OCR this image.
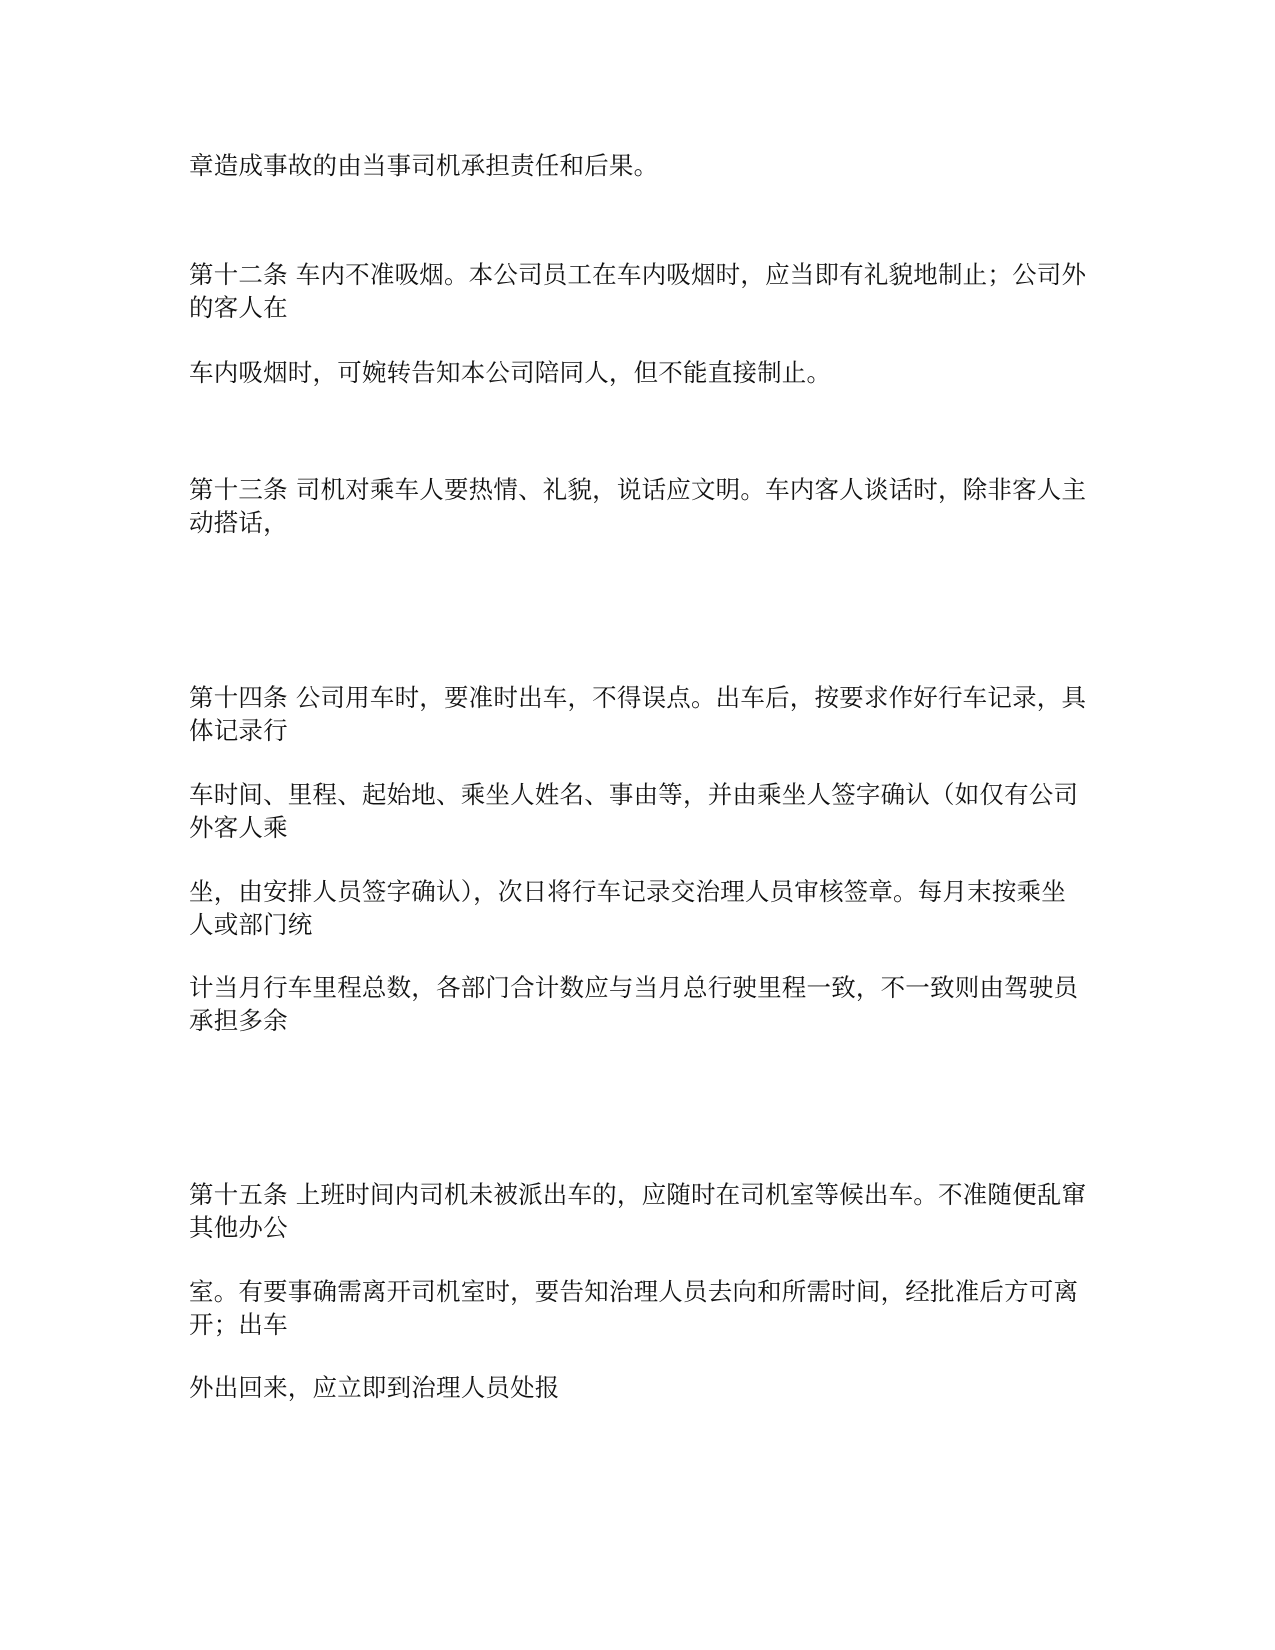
章造成事故的由当事司机承担责任和后果。
第十二条 车内不准吸烟。本公司员工在车内吸烟时，应当即有礼貌地制止；公司外
的客人在
车内吸烟时，可婉转告知本公司陪同人，但不能直接制止。
第十三条 司机对乘车人要热情、礼貌，说话应文明。车内客人谈话时，除非客人主
动搭话，
第十四条 公司用车时，要准时出车，不得误点。出车后，按要求作好行车记录，具
体记录行
车时间、里程、起始地、乘坐人姓名、事由等，并由乘坐人签字确认（如仅有公司
外客人乘
坐，由安排人员签字确认），次日将行车记录交治理人员审核签章。每月末按乘坐
人或部门统
计当月行车里程总数，各部门合计数应与当月总行驶里程一致，不一致则由驾驶员
承担多余
第十五条 上班时间内司机未被派出车的，应随时在司机室等候出车。不准随便乱窜
其他办公
室。有要事确需离开司机室时，要告知治理人员去向和所需时间，经批准后方可离
开；出车
外出回来，应立即到治理人员处报
